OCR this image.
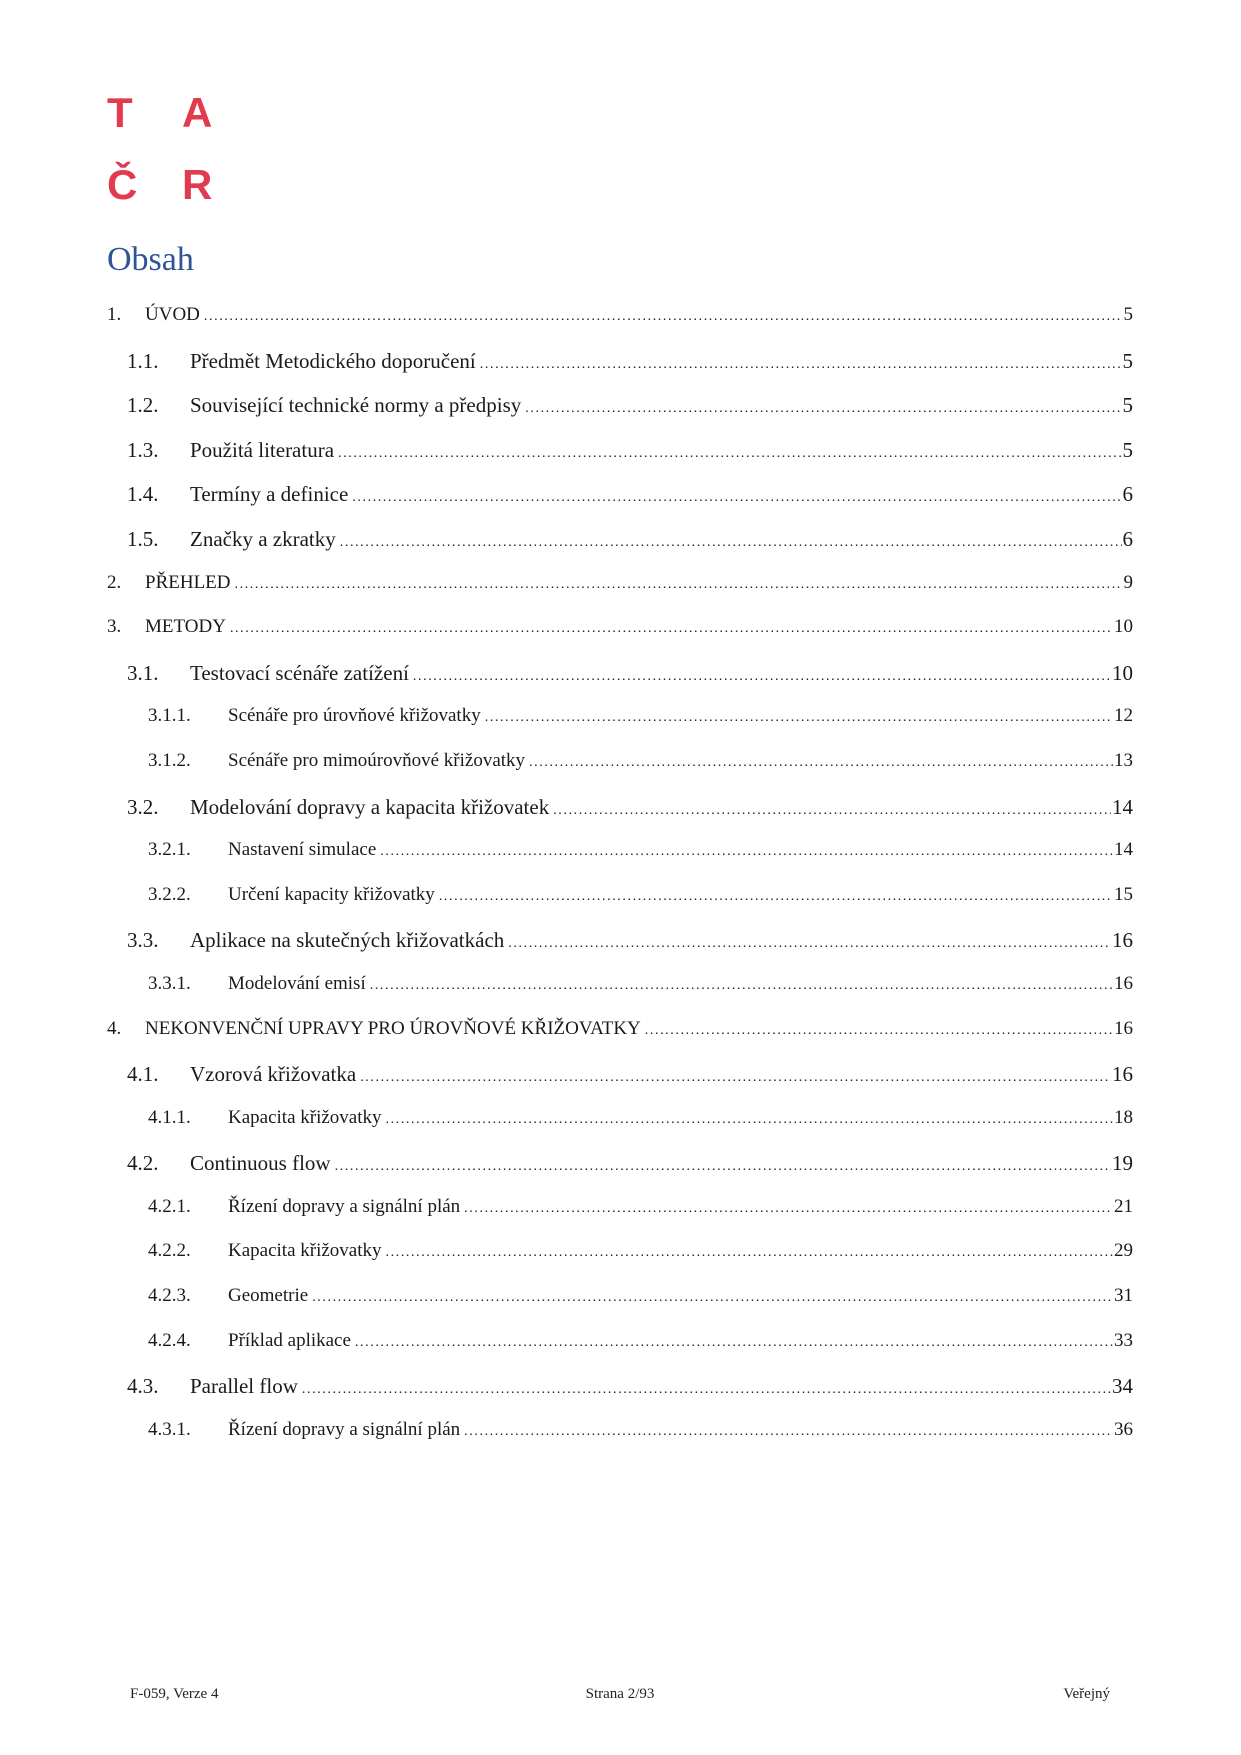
T	A
Č	R
Obsah
1.	ÚVOD .....	5
1.1.	Předmět Metodického doporučení .....	5
1.2.	Související technické normy a předpisy .....	5
1.3.	Použitá literatura .....	5
1.4.	Termíny a definice .....	6
1.5.	Značky a zkratky .....	6
2.	PŘEHLED .....	9
3.	METODY .....	10
3.1.	Testovací scénáře zatížení .....	10
3.1.1.	Scénáře pro úrovňové křižovatky .....	12
3.1.2.	Scénáře pro mimoúrovňové křižovatky .....	13
3.2.	Modelování dopravy a kapacita křižovatek .....	14
3.2.1.	Nastavení simulace .....	14
3.2.2.	Určení kapacity křižovatky .....	15
3.3.	Aplikace na skutečných křižovatkách .....	16
3.3.1.	Modelování emisí .....	16
4.	NEKONVENČNÍ UPRAVY PRO ÚROVŇOVÉ KŘIŽOVATKY .....	16
4.1.	Vzorová křižovatka .....	16
4.1.1.	Kapacita křižovatky .....	18
4.2.	Continuous flow .....	19
4.2.1.	Řízení dopravy a signální plán .....	21
4.2.2.	Kapacita křižovatky .....	29
4.2.3.	Geometrie .....	31
4.2.4.	Příklad aplikace .....	33
4.3.	Parallel flow .....	34
4.3.1.	Řízení dopravy a signální plán .....	36
F-059, Verze 4	Strana 2/93	Veřejný
